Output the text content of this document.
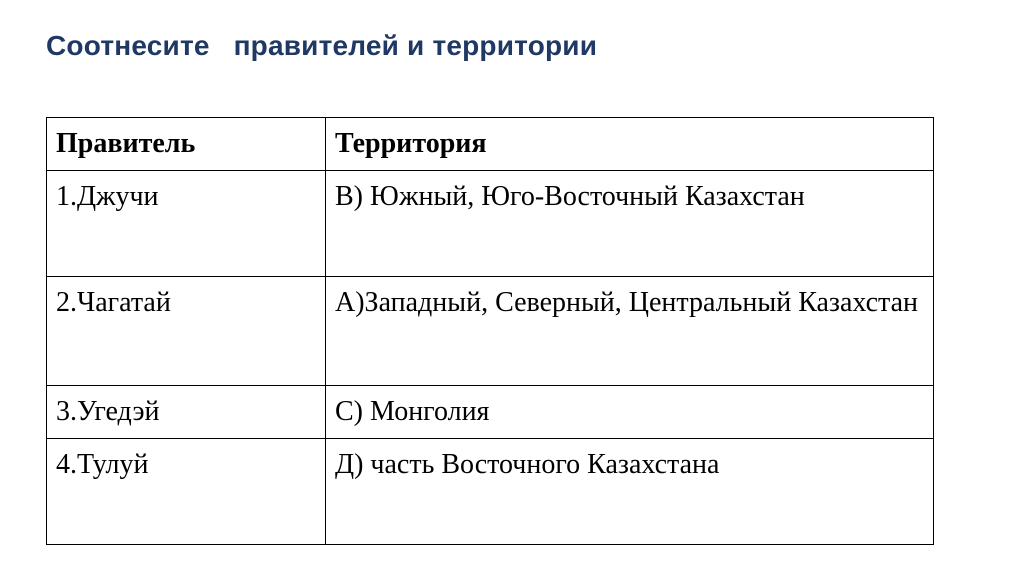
Соотнесите   правителей и территории
Правитель	Территория
1.Джучи	В) Южный, Юго-Восточный Казахстан
2.Чагатай	А)Западный, Северный, Центральный Казахстан
3.Угедэй	С) Монголия
4.Тулуй	Д) часть Восточного Казахстана
